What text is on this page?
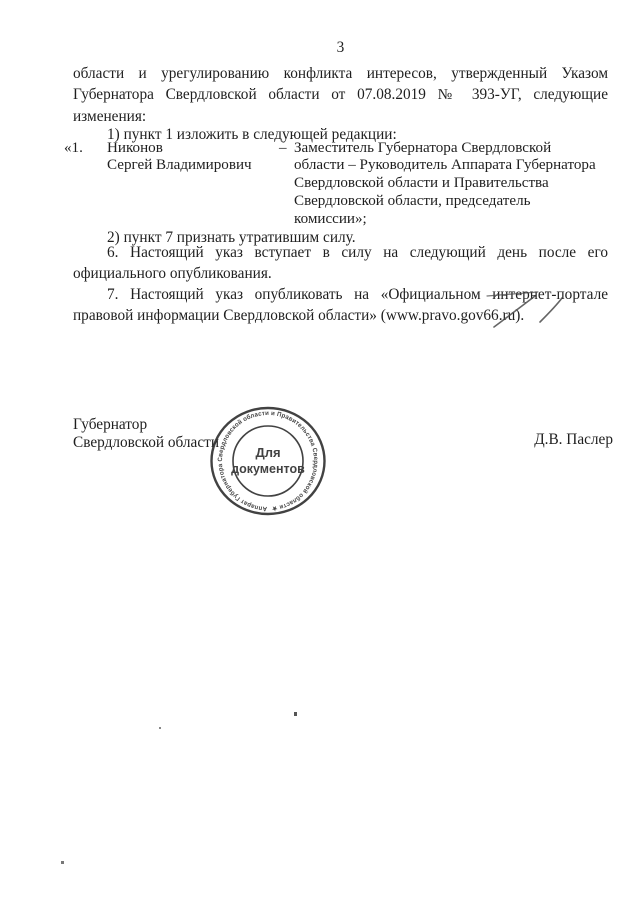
3
области и урегулированию конфликта интересов, утвержденный Указом
Губернатора Свердловской области от 07.08.2019 № 393-УГ, следующие
изменения:
1) пункт 1 изложить в следующей редакции:
«1. Никонов
Сергей Владимирович
– Заместитель Губернатора Свердловской
области – Руководитель Аппарата Губернатора
Свердловской области и Правительства
Свердловской области, председатель
комиссии»;
2) пункт 7 признать утратившим силу.
6. Настоящий указ вступает в силу на следующий день после его
официального опубликования.
7. Настоящий указ опубликовать на «Официальном интернет-портале
правовой информации Свердловской области» (www.pravo.gov66.ru).
Губернатор
Свердловской области	Д.В. Паслер
Аппарат Губернатора Свердловской области и Правительства Свердловской области ★
Для
документов
